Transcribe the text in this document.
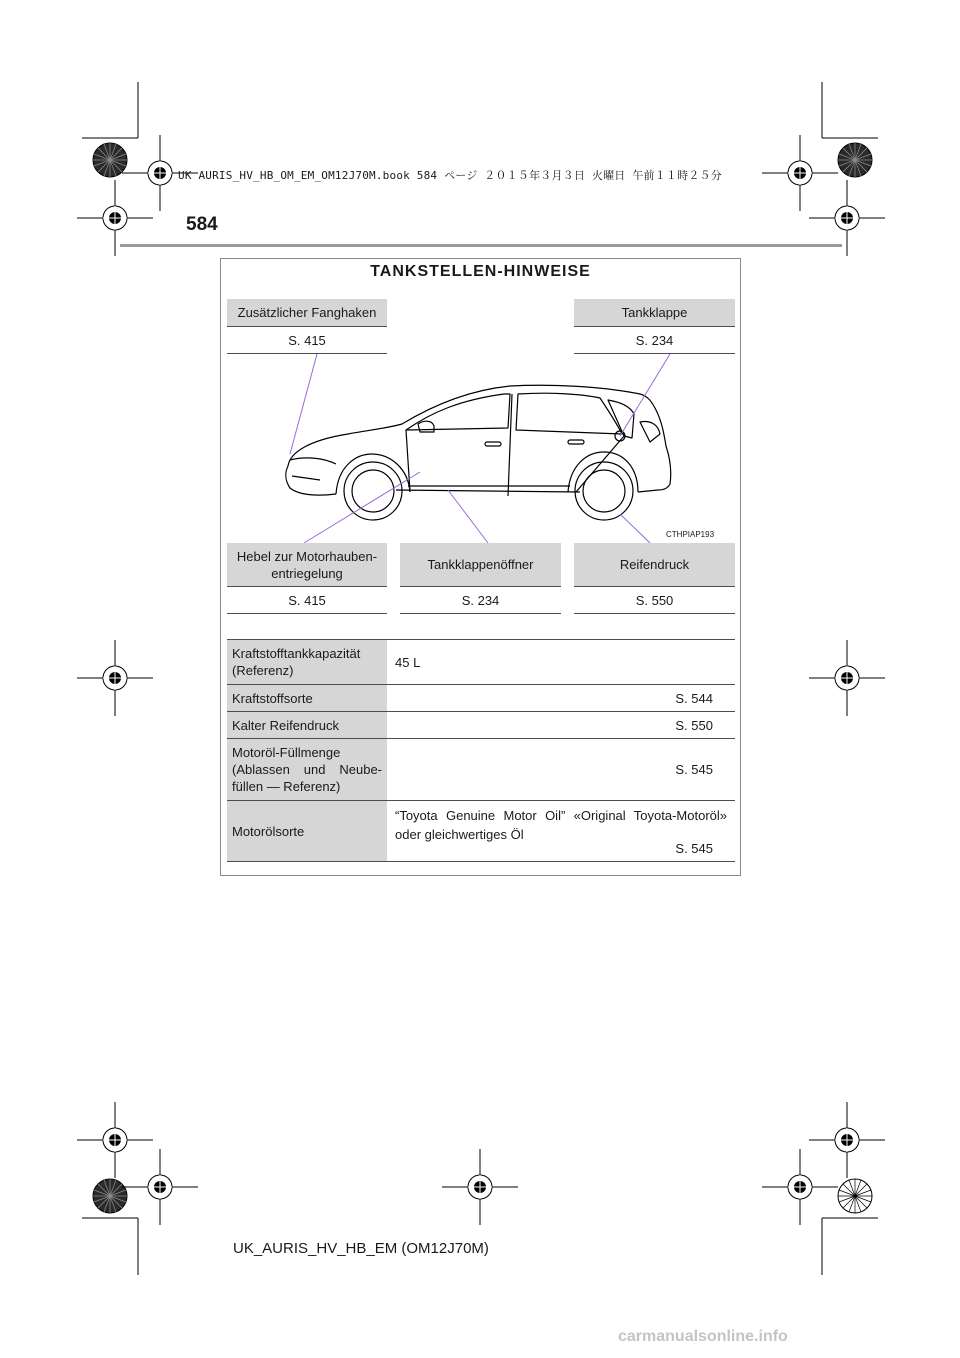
UK AURIS_HV_HB_OM_EM_OM12J70M.book 584 ページ ２０１５年３月３日 火曜日 午前１１時２５分
584
TANKSTELLEN-HINWEISE
Zusätzlicher Fanghaken
S. 415
Tankklappe
S. 234
CTHPIAP193
Hebel zur Motorhauben-entriegelung
S. 415
Tankklappenöffner
S. 234
Reifendruck
S. 550
Kraftstofftankkapazität (Referenz)
45 L
Kraftstoffsorte	S. 544
Kalter Reifendruck	S. 550
Motoröl-Füllmenge (Ablassen und Neube-füllen — Referenz)
S. 545
Motorölsorte
“Toyota Genuine Motor Oil” «Original Toyota-Motoröl» oder gleichwertiges Öl
S. 545
UK_AURIS_HV_HB_EM (OM12J70M)
carmanualsonline.info
